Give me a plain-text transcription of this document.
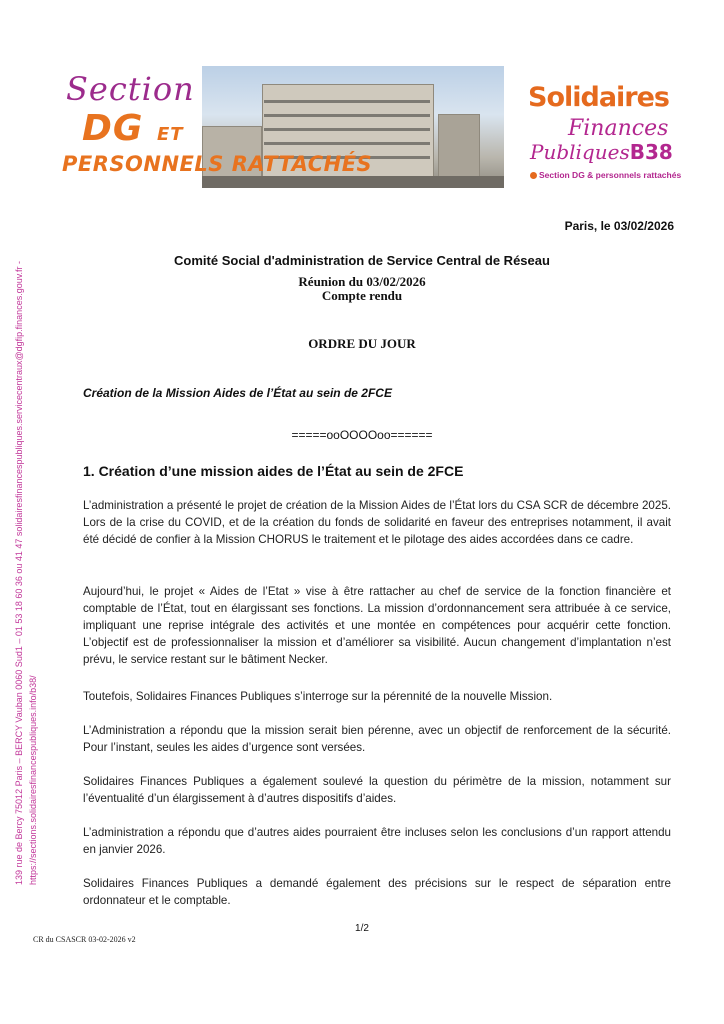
Section
DG ET
PERSONNELS RATTACHÉS
Solidaires
Finances
PubliquesB38
Section DG & personnels rattachés
139 rue de Bercy 75012 Paris – BERCY Vauban 0060 Sud1 – 01 53 18 60 36 ou 41 47 solidairesfinancespubliques.servicecentraux@dgfip.finances.gouv.fr - https://sections.solidairesfinancespubliques.info/b38/
Paris, le 03/02/2026
Comité Social d'administration de Service Central de Réseau
Réunion du 03/02/2026
Compte rendu
ORDRE DU JOUR
Création de la Mission Aides de l’État au sein de 2FCE
=====ooOOOOoo======
1. Création d’une mission aides de l’État au sein de 2FCE
L’administration a présenté le projet de création de la Mission Aides de l’État lors du CSA SCR de décembre 2025. Lors de la crise du COVID, et de la création du fonds de solidarité en faveur des entreprises notamment, il avait été décidé de confier à la Mission CHORUS le traitement et le pilotage des aides accordées dans ce cadre.
Aujourd’hui, le projet « Aides de l’Etat » vise à être rattacher au chef de service de la fonction financière et comptable de l’État, tout en élargissant ses fonctions. La mission d’ordonnancement sera attribuée à ce service, impliquant une reprise intégrale des activités et une montée en compétences pour acquérir cette fonction. L’objectif est de professionnaliser la mission et d’améliorer sa visibilité. Aucun changement d’implantation n’est prévu, le service restant sur le bâtiment Necker.
Toutefois, Solidaires Finances Publiques s’interroge sur la pérennité de la nouvelle Mission.
L’Administration a répondu que la mission serait bien pérenne, avec un objectif de renforcement de la sécurité. Pour l’instant, seules les aides d’urgence sont versées.
Solidaires Finances Publiques a également soulevé la question du périmètre de la mission, notamment sur l’éventualité d’un élargissement à d’autres dispositifs d’aides.
L’administration a répondu que d’autres aides pourraient être incluses selon les conclusions d’un rapport attendu en janvier 2026.
Solidaires Finances Publiques a demandé également des précisions sur le respect de séparation entre ordonnateur et le comptable.
1/2
CR du CSASCR 03-02-2026 v2
